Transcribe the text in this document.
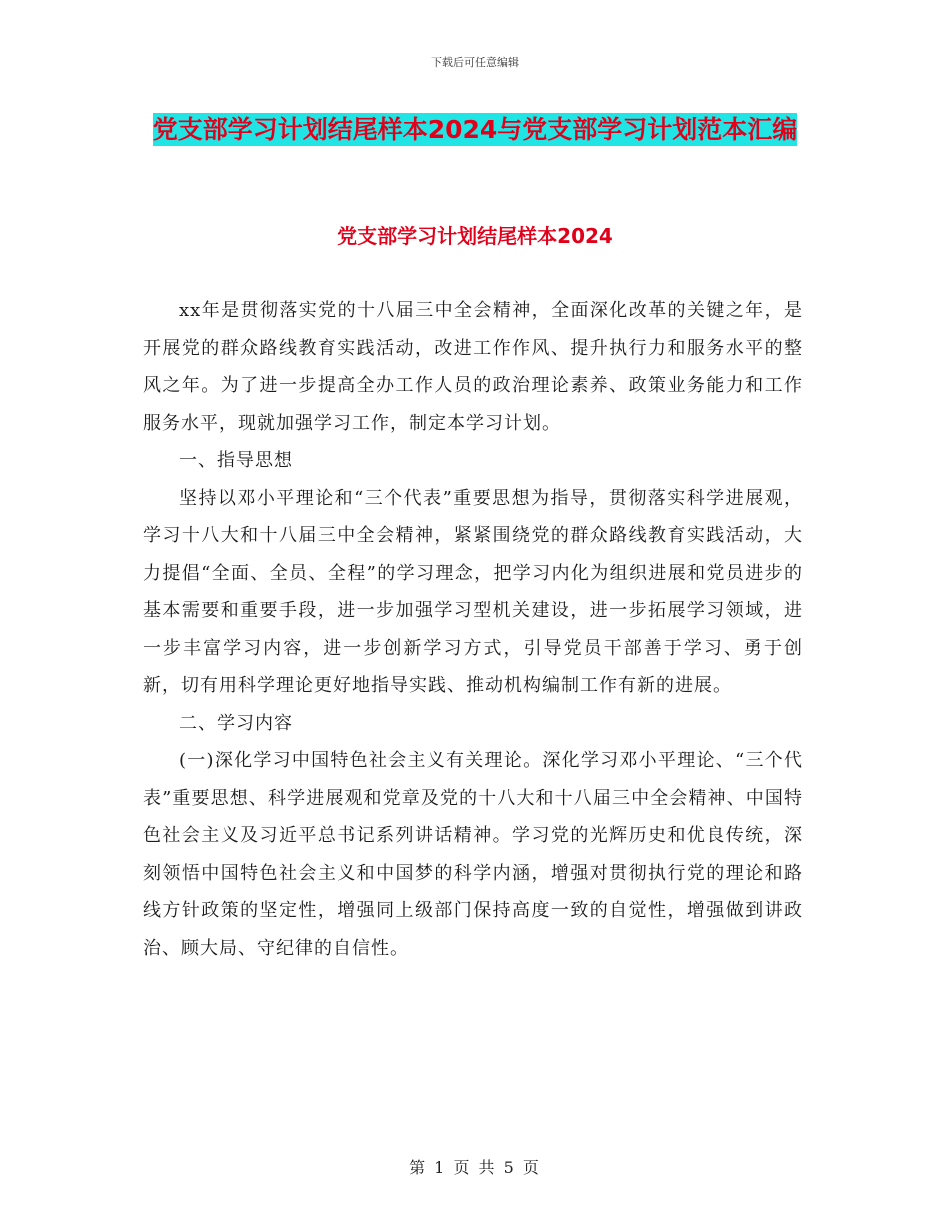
下载后可任意编辑
党支部学习计划结尾样本2024与党支部学习计划范本汇编
党支部学习计划结尾样本2024

xx年是贯彻落实党的十八届三中全会精神，全面深化改革的关键之年，是开展党的群众路线教育实践活动，改进工作作风、提升执行力和服务水平的整风之年。为了进一步提高全办工作人员的政治理论素养、政策业务能力和工作服务水平，现就加强学习工作，制定本学习计划。

一、指导思想

坚持以邓小平理论和“三个代表”重要思想为指导，贯彻落实科学进展观，学习十八大和十八届三中全会精神，紧紧围绕党的群众路线教育实践活动，大力提倡“全面、全员、全程”的学习理念，把学习内化为组织进展和党员进步的基本需要和重要手段，进一步加强学习型机关建设，进一步拓展学习领域，进一步丰富学习内容，进一步创新学习方式，引导党员干部善于学习、勇于创新，切有用科学理论更好地指导实践、推动机构编制工作有新的进展。

二、学习内容

(一)深化学习中国特色社会主义有关理论。深化学习邓小平理论、“三个代表”重要思想、科学进展观和党章及党的十八大和十八届三中全会精神、中国特色社会主义及习近平总书记系列讲话精神。学习党的光辉历史和优良传统，深刻领悟中国特色社会主义和中国梦的科学内涵，增强对贯彻执行党的理论和路线方针政策的坚定性，增强同上级部门保持高度一致的自觉性，增强做到讲政治、顾大局、守纪律的自信性。

第 1 页 共 5 页
